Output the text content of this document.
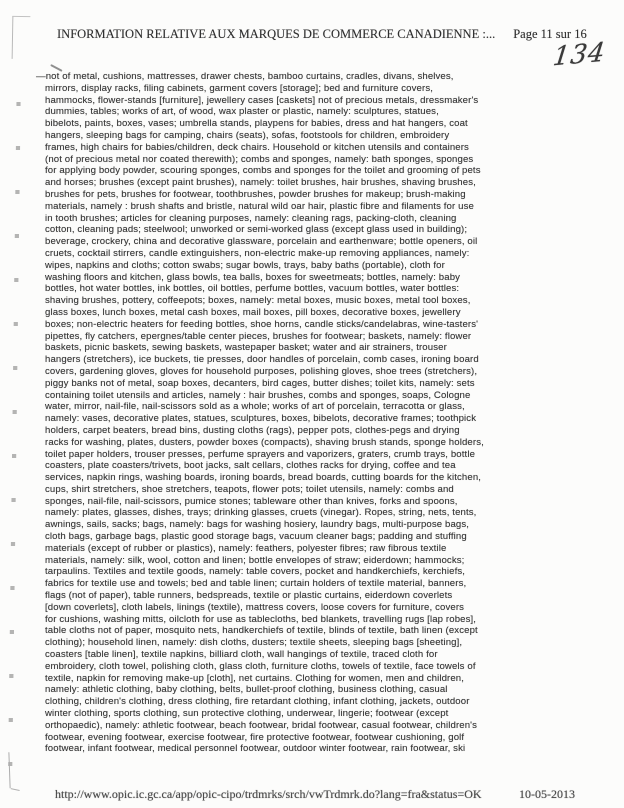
INFORMATION RELATIVE AUX MARQUES DE COMMERCE CANADIENNE :... Page 11 sur 16
134
—not of metal, cushions, mattresses, drawer chests, bamboo curtains, cradles, divans, shelves,
mirrors, display racks, filing cabinets, garment covers [storage]; bed and furniture covers,
hammocks, flower-stands [furniture], jewellery cases [caskets] not of precious metals, dressmaker's
dummies, tables; works of art, of wood, wax plaster or plastic, namely: sculptures, statues,
bibelots, paints, boxes, vases; umbrella stands, playpens for babies, dress and hat hangers, coat
hangers, sleeping bags for camping, chairs (seats), sofas, footstools for children, embroidery
frames, high chairs for babies/children, deck chairs. Household or kitchen utensils and containers
(not of precious metal nor coated therewith); combs and sponges, namely: bath sponges, sponges
for applying body powder, scouring sponges, combs and sponges for the toilet and grooming of pets
and horses; brushes (except paint brushes), namely: toilet brushes, hair brushes, shaving brushes,
brushes for pets, brushes for footwear, toothbrushes, powder brushes for makeup; brush-making
materials, namely : brush shafts and bristle, natural wild oar hair, plastic fibre and filaments for use
in tooth brushes; articles for cleaning purposes, namely: cleaning rags, packing-cloth, cleaning
cotton, cleaning pads; steelwool; unworked or semi-worked glass (except glass used in building);
beverage, crockery, china and decorative glassware, porcelain and earthenware; bottle openers, oil
cruets, cocktail stirrers, candle extinguishers, non-electric make-up removing appliances, namely:
wipes, napkins and cloths; cotton swabs; sugar bowls, trays, baby baths (portable), cloth for
washing floors and kitchen, glass bowls, tea balls, boxes for sweetmeats; bottles, namely: baby
bottles, hot water bottles, ink bottles, oil bottles, perfume bottles, vacuum bottles, water bottles:
shaving brushes, pottery, coffeepots; boxes, namely: metal boxes, music boxes, metal tool boxes,
glass boxes, lunch boxes, metal cash boxes, mail boxes, pill boxes, decorative boxes, jewellery
boxes; non-electric heaters for feeding bottles, shoe horns, candle sticks/candelabras, wine-tasters'
pipettes, fly catchers, epergnes/table center pieces, brushes for footwear; baskets, namely: flower
baskets, picnic baskets, sewing baskets, wastepaper basket; water and air strainers, trouser
hangers (stretchers), ice buckets, tie presses, door handles of porcelain, comb cases, ironing board
covers, gardening gloves, gloves for household purposes, polishing gloves, shoe trees (stretchers),
piggy banks not of metal, soap boxes, decanters, bird cages, butter dishes; toilet kits, namely: sets
containing toilet utensils and articles, namely : hair brushes, combs and sponges, soaps, Cologne
water, mirror, nail-file, nail-scissors sold as a whole; works of art of porcelain, terracotta or glass,
namely: vases, decorative plates, statues, sculptures, boxes, bibelots, decorative frames; toothpick
holders, carpet beaters, bread bins, dusting cloths (rags), pepper pots, clothes-pegs and drying
racks for washing, plates, dusters, powder boxes (compacts), shaving brush stands, sponge holders,
toilet paper holders, trouser presses, perfume sprayers and vaporizers, graters, crumb trays, bottle
coasters, plate coasters/trivets, boot jacks, salt cellars, clothes racks for drying, coffee and tea
services, napkin rings, washing boards, ironing boards, bread boards, cutting boards for the kitchen,
cups, shirt stretchers, shoe stretchers, teapots, flower pots; toilet utensils, namely: combs and
sponges, nail-file, nail-scissors, pumice stones; tableware other than knives, forks and spoons,
namely: plates, glasses, dishes, trays; drinking glasses, cruets (vinegar). Ropes, string, nets, tents,
awnings, sails, sacks; bags, namely: bags for washing hosiery, laundry bags, multi-purpose bags,
cloth bags, garbage bags, plastic good storage bags, vacuum cleaner bags; padding and stuffing
materials (except of rubber or plastics), namely: feathers, polyester fibres; raw fibrous textile
materials, namely: silk, wool, cotton and linen; bottle envelopes of straw; eiderdown; hammocks;
tarpaulins. Textiles and textile goods, namely: table covers, pocket and handkerchiefs, kerchiefs,
fabrics for textile use and towels; bed and table linen; curtain holders of textile material, banners,
flags (not of paper), table runners, bedspreads, textile or plastic curtains, eiderdown coverlets
[down coverlets], cloth labels, linings (textile), mattress covers, loose covers for furniture, covers
for cushions, washing mitts, oilcloth for use as tablecloths, bed blankets, travelling rugs [lap robes],
table cloths not of paper, mosquito nets, handkerchiefs of textile, blinds of textile, bath linen (except
clothing); household linen, namely: dish cloths, dusters; textile sheets, sleeping bags [sheeting],
coasters [table linen], textile napkins, billiard cloth, wall hangings of textile, traced cloth for
embroidery, cloth towel, polishing cloth, glass cloth, furniture cloths, towels of textile, face towels of
textile, napkin for removing make-up [cloth], net curtains. Clothing for women, men and children,
namely: athletic clothing, baby clothing, belts, bullet-proof clothing, business clothing, casual
clothing, children's clothing, dress clothing, fire retardant clothing, infant clothing, jackets, outdoor
winter clothing, sports clothing, sun protective clothing, underwear, lingerie; footwear (except
orthopaedic), namely: athletic footwear, beach footwear, bridal footwear, casual footwear, children's
footwear, evening footwear, exercise footwear, fire protective footwear, footwear cushioning, golf
footwear, infant footwear, medical personnel footwear, outdoor winter footwear, rain footwear, ski
http://www.opic.ic.gc.ca/app/opic-cipo/trdmrks/srch/vwTrdmrk.do?lang=fra&status=OK	10-05-2013
